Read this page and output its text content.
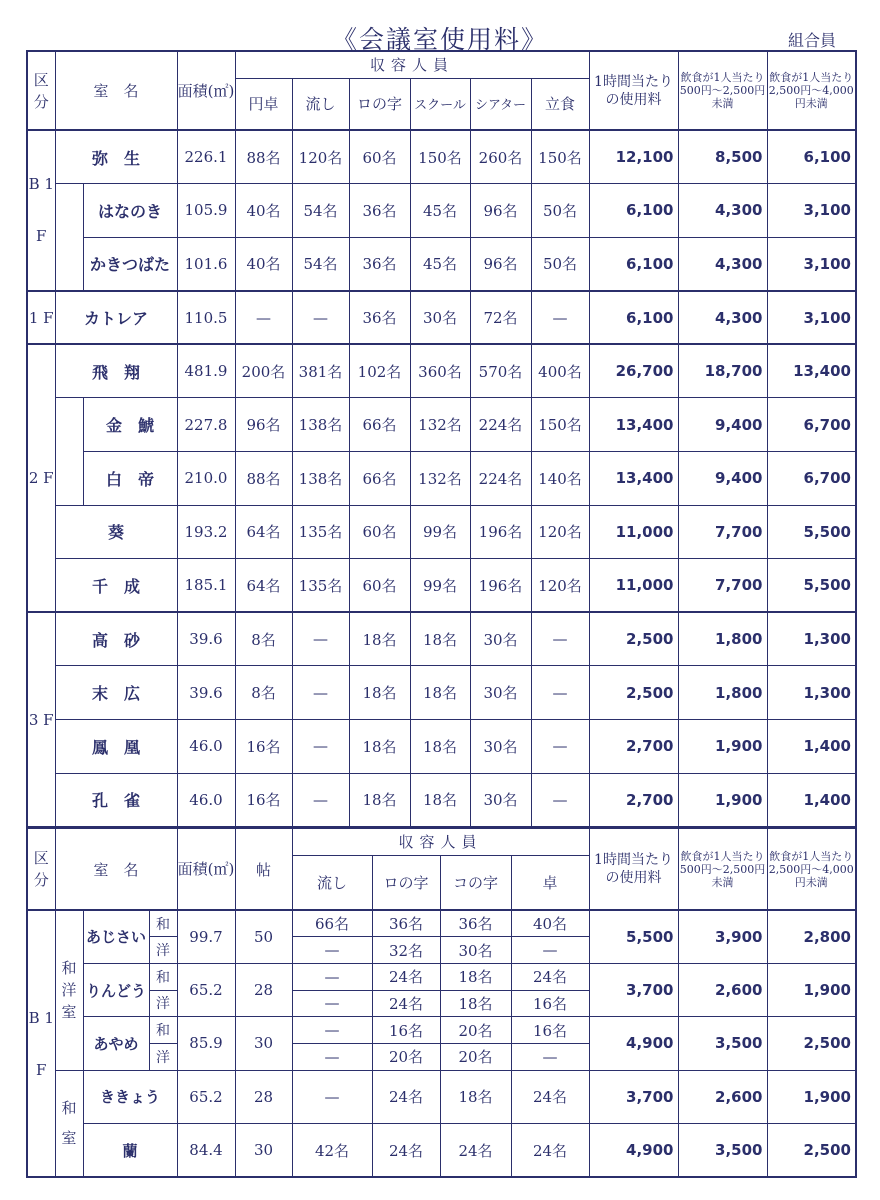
《会議室使用料》	組合員
区分	室　名		面積(㎡)	収容人員						1時間当たりの使用料	飲食が1人当たり500円～2,500円未満	飲食が1人当たり2,500円～4,000円未満
				円卓	流し	ロの字	スクール	シアター	立食			
B 1 F	弥　生		226.1	88名	120名	60名	150名	260名	150名	12,100	8,500	6,100
		はなのき	105.9	40名	54名	36名	45名	96名	50名	6,100	4,300	3,100
		かきつばた	101.6	40名	54名	36名	45名	96名	50名	6,100	4,300	3,100
1 F	カトレア		110.5	—	—	36名	30名	72名	—	6,100	4,300	3,100
2 F	飛　翔		481.9	200名	381名	102名	360名	570名	400名	26,700	18,700	13,400
		金　鯱	227.8	96名	138名	66名	132名	224名	150名	13,400	9,400	6,700
		白　帝	210.0	88名	138名	66名	132名	224名	140名	13,400	9,400	6,700
	葵		193.2	64名	135名	60名	99名	196名	120名	11,000	7,700	5,500
	千　成		185.1	64名	135名	60名	99名	196名	120名	11,000	7,700	5,500
3 F	高　砂		39.6	8名	—	18名	18名	30名	—	2,500	1,800	1,300
	末　広		39.6	8名	—	18名	18名	30名	—	2,500	1,800	1,300
	鳳　凰		46.0	16名	—	18名	18名	30名	—	2,700	1,900	1,400
	孔　雀		46.0	16名	—	18名	18名	30名	—	2,700	1,900	1,400
区分	室　名			面積(㎡)	帖	収容人員				1時間当たりの使用料	飲食が1人当たり500円～2,500円未満	飲食が1人当たり2,500円～4,000円未満
						流し	ロの字	コの字	卓			
B 1 F	和洋室	あじさい	和	99.7	50	66名	36名	36名	40名	5,500	3,900	2,800
			洋			—	32名	30名	—			
		りんどう	和	65.2	28	—	24名	18名	24名	3,700	2,600	1,900
			洋			—	24名	18名	16名			
		あやめ	和	85.9	30	—	16名	20名	16名	4,900	3,500	2,500
			洋			—	20名	20名	—			
	和室	ききょう		65.2	28	—	24名	18名	24名	3,700	2,600	1,900
		蘭		84.4	30	42名	24名	24名	24名	4,900	3,500	2,500
